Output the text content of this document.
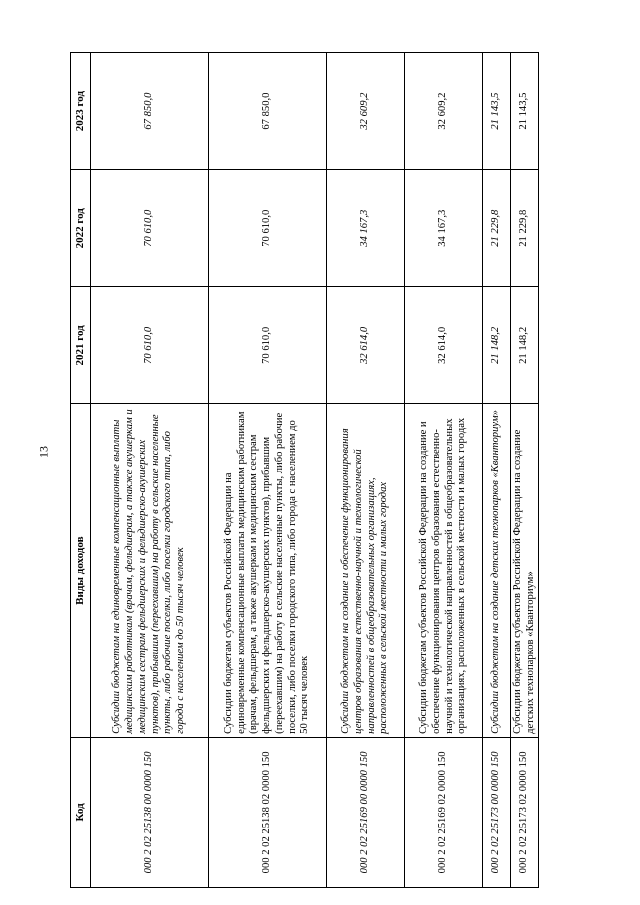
13
Код	Виды доходов	2021 год	2022 год	2023 год
000 2 02 25138 00 0000 150	Субсидии бюджетам на единовременные компенсационные выплаты медицинским работникам (врачам, фельдшерам, а также акушеркам и медицинским сестрам фельдшерских и фельдшерско-акушерских пунктов), прибывшим (переехавшим) на работу в сельские населенные пункты, либо рабочие поселки, либо поселки городского типа, либо города с населением до 50 тысяч человек	70 610,0	70 610,0	67 850,0
000 2 02 25138 02 0000 150	Субсидии бюджетам субъектов Российской Федерации на единовременные компенсационные выплаты медицинским работникам (врачам, фельдшерам, а также акушеркам и медицинским сестрам фельдшерских и фельдшерско-акушерских пунктов), прибывшим (переехавшим) на работу в сельские населенные пункты, либо рабочие поселки, либо поселки городского типа, либо города с населением до 50 тысяч человек	70 610,0	70 610,0	67 850,0
000 2 02 25169 00 0000 150	Субсидии бюджетам на создание и обеспечение функционирования центров образования естественно-научной и технологической направленностей в общеобразовательных организациях, расположенных в сельской местности и малых городах	32 614,0	34 167,3	32 609,2
000 2 02 25169 02 0000 150	Субсидии бюджетам субъектов Российской Федерации на создание и обеспечение функционирования центров образования естественно-научной и технологической направленностей в общеобразовательных организациях, расположенных в сельской местности и малых городах	32 614,0	34 167,3	32 609,2
000 2 02 25173 00 0000 150	Субсидии бюджетам на создание детских технопарков «Кванториум»	21 148,2	21 229,8	21 143,5
000 2 02 25173 02 0000 150	Субсидии бюджетам субъектов Российской Федерации на создание детских технопарков «Кванториум»	21 148,2	21 229,8	21 143,5
